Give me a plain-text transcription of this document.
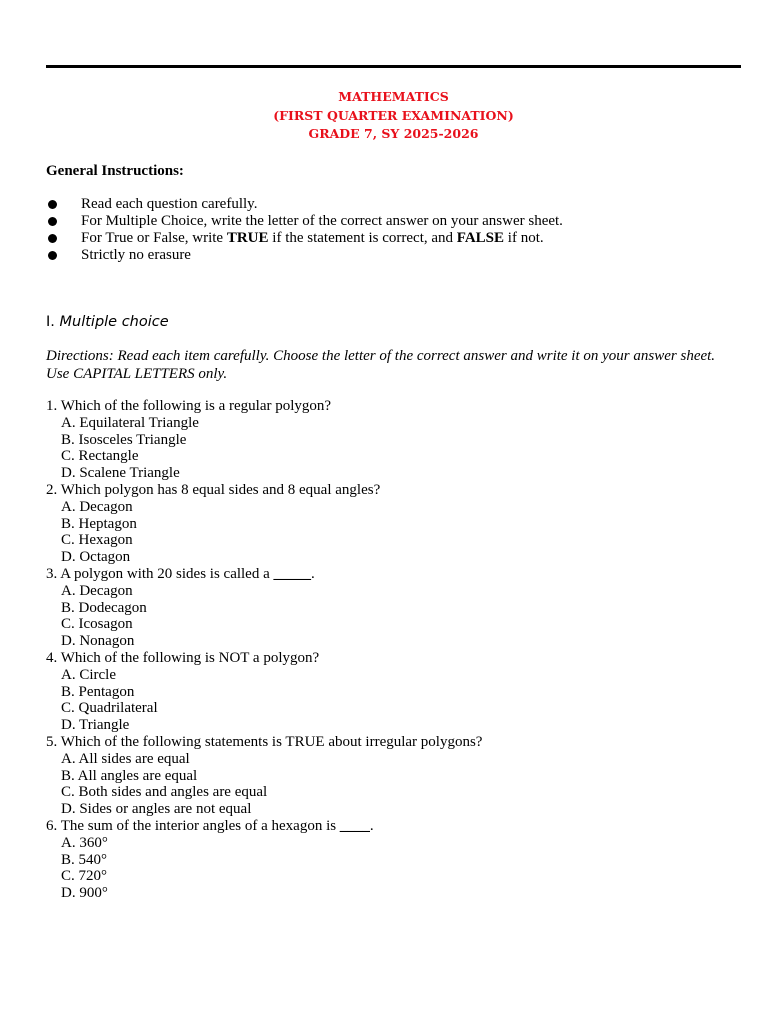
MATHEMATICS
(FIRST QUARTER EXAMINATION)
GRADE 7, SY 2025-2026
General Instructions:
Read each question carefully.
For Multiple Choice, write the letter of the correct answer on your answer sheet.
For True or False, write TRUE if the statement is correct, and FALSE if not.
Strictly no erasure
I. Multiple choice
Directions: Read each item carefully. Choose the letter of the correct answer and write it on your answer sheet.
Use CAPITAL LETTERS only.
1. Which of the following is a regular polygon?
A. Equilateral Triangle
B. Isosceles Triangle
C. Rectangle
D. Scalene Triangle
2. Which polygon has 8 equal sides and 8 equal angles?
A. Decagon
B. Heptagon
C. Hexagon
D. Octagon
3. A polygon with 20 sides is called a _____.
A. Decagon
B. Dodecagon
C. Icosagon
D. Nonagon
4. Which of the following is NOT a polygon?
A. Circle
B. Pentagon
C. Quadrilateral
D. Triangle
5. Which of the following statements is TRUE about irregular polygons?
A. All sides are equal
B. All angles are equal
C. Both sides and angles are equal
D. Sides or angles are not equal
6. The sum of the interior angles of a hexagon is ____.
A. 360°
B. 540°
C. 720°
D. 900°
